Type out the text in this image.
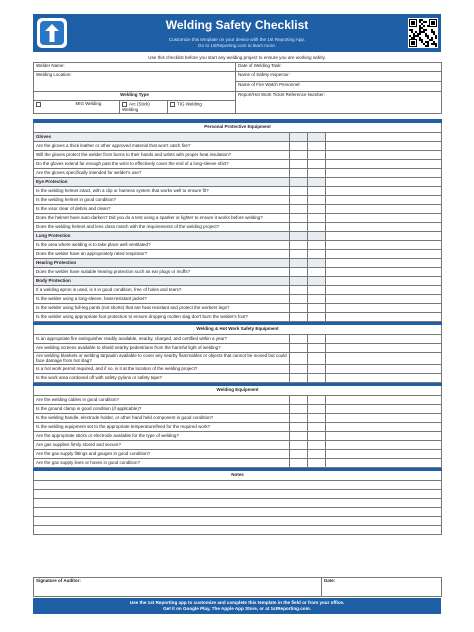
Welding Safety Checklist
Customize this template on your device with the 1st Reporting App.
Go to 1stReporting.com to learn more.
Use this checklist before you start any welding project to ensure you are working safely.
Welder Name:				Date of Welding Task:
Welding Location:				Name of Safety Inspector:
				Name of Fire Watch Personnel:
Welding Type				Report/Hot Work Ticket Reference Number:
	MIG Welding	Arc (Stick) Welding	TIG Welding	

Personal Protective Equipment			
Gloves			
Are the gloves a thick leather or other approved material that won't catch fire?			
Will the gloves protect the welder from burns to their hands and wrists with proper heat insulation?			
Do the gloves extend far enough past the wrist to effectively cover the end of a long-sleeve shirt?			
Are the gloves specifically intended for welder's use?			
Eye Protection			
Is the welding helmet intact, with a clip or harness system that works well to ensure fit?			
Is the welding helmet in good condition?			
Is the visor clear of debris and clean?			
Does the helmet have auto-darken? Did you do a test using a sparker or lighter to ensure it works before welding?			
Does the welding helmet and lens class match with the requirements of the welding project?			
Lung Protection			
Is the area where welding is to take place well ventilated?			
Does the welder have an appropriately rated respirator?			
Hearing Protection			
Does the welder have suitable hearing protection such as ear plugs or muffs?			
Body Protection			
If a welding apron is used, is it in good condition, free of holes and tears?			
Is the welder using a long-sleeve, heat-resistant jacket?			
Is the welder using full-leg pants (not shorts) that are heat resistant and protect the workers legs?			
Is the welder using appropriate foot protection to ensure dropping molten slag don't burn the welder's foot?			

Welding & Hot Work Safety Equipment			
Is an appropriate fire extinguisher readily available, nearby, charged, and certified within a year?			
Are welding screens available to shield nearby pedestrians from the harmful light of welding?			
Are welding blankets or welding tarpaulin available to cover any nearby flammables or objects that cannot be moved but could face damage from hot slag?			
Is a hot work permit required, and if so, is it at the location of the welding project?			
Is the work area cordoned off with safety pylons or safety tape?			

Welding Equipment			
Are the welding cables in good condition?			
Is the ground clamp in good condition (if applicable)?			
Is the welding handle, electrode holder, or other hand held component in good condition?			
Is the welding equipment set to the appropriate temperature/feed for the required work?			
Are the appropriate sticks or electrode available for the type of welding?			
Are gas supplies firmly stored and secure?			
Are the gas supply fittings and gauges in good condition?			
Are the gas supply lines or hoses in good condition?			

Notes			

Signature of Auditor:	Date:
Use the 1st Reporting app to customize and complete this template in the field or from your office.
Get it on Google Play, The Apple App Store, or at 1stReporting.com.
